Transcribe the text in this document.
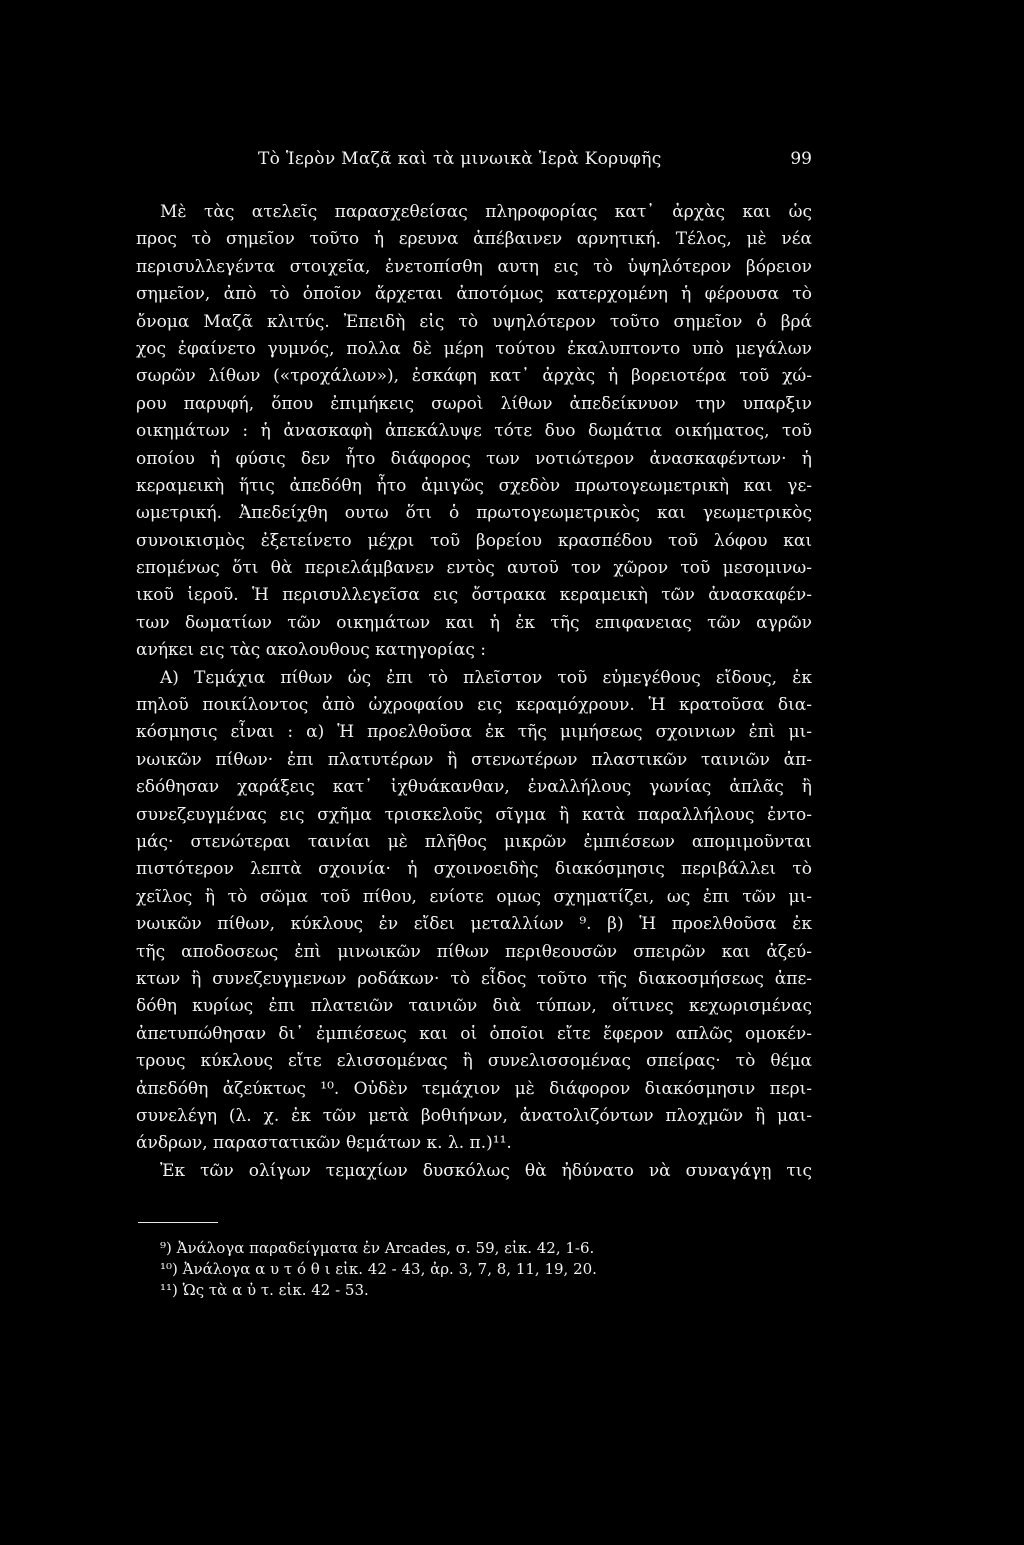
Τὸ Ἱερὸν Μαζᾶ καὶ τὰ μινωικὰ Ἱερὰ Κορυφῆς	99
Μὲ τὰς ατελεῖς παρασχεθείσας πληροφορίας κατ᾽ ἀρχὰς και ὡς
προς τὸ σημεῖον τοῦτο ἡ ερευνα ἀπέβαινεν αρνητική. Τέλος, μὲ νέα
περισυλλεγέντα στοιχεῖα, ἐνετοπίσθη αυτη εις τὸ ὑψηλότερον βόρειον
σημεῖον, ἀπὸ τὸ ὁποῖον ἄρχεται ἀποτόμως κατερχομένη ἡ φέρουσα τὸ
ὄνομα Μαζᾶ κλιτύς. Ἐπειδὴ εἰς τὸ υψηλότερον τοῦτο σημεῖον ὁ βρά
χος ἐφαίνετο γυμνός, πολλα δὲ μέρη τούτου ἐκαλυπτοντο υπὸ μεγάλων
σωρῶν λίθων («τροχάλων»), ἐσκάφη κατ᾽ ἀρχὰς ἡ βορειοτέρα τοῦ χώ-
ρου παρυφή, ὅπου ἐπιμήκεις σωροὶ λίθων ἀπεδείκνυον την υπαρξιν
οικημάτων : ἡ ἀνασκαφὴ ἀπεκάλυψε τότε δυο δωμάτια οικήματος, τοῦ
οποίου ἡ φύσις δεν ἦτο διάφορος των νοτιώτερον ἀνασκαφέντων· ἡ
κεραμεικὴ ἥτις ἀπεδόθη ἦτο ἀμιγῶς σχεδὸν πρωτογεωμετρικὴ και γε-
ωμετρική. Ἀπεδείχθη ουτω ὅτι ὁ πρωτογεωμετρικὸς και γεωμετρικὸς
συνοικισμὸς ἐξετείνετο μέχρι τοῦ βορείου κρασπέδου τοῦ λόφου και
επομένως ὅτι θὰ περιελάμβανεν εντὸς αυτοῦ τον χῶρον τοῦ μεσομινω-
ικοῦ ἱεροῦ. Ἡ περισυλλεγεῖσα εις ὄστρακα κεραμεικὴ τῶν ἀνασκαφέν-
των δωματίων τῶν οικημάτων και ἡ ἐκ τῆς επιφανειας τῶν αγρῶν
ανήκει εις τὰς ακολουθους κατηγορίας :
Α) Τεμάχια πίθων ὡς ἐπι τὸ πλεῖστον τοῦ εὐμεγέθους εἴδους, ἐκ
πηλοῦ ποικίλοντος ἀπὸ ὠχροφαίου εις κεραμόχρουν. Ἡ κρατοῦσα δια-
κόσμησις εἶναι : α) Ἡ προελθοῦσα ἐκ τῆς μιμήσεως σχοινιων ἐπὶ μι-
νωικῶν πίθων· ἐπι πλατυτέρων ἢ στενωτέρων πλαστικῶν ταινιῶν ἀπ-
εδόθησαν χαράξεις κατ᾽ ἰχθυάκανθαν, ἐναλλήλους γωνίας ἁπλᾶς ἢ
συνεζευγμένας εις σχῆμα τρισκελοῦς σῖγμα ἢ κατὰ παραλλήλους ἐντο-
μάς· στενώτεραι ταινίαι μὲ πλῆθος μικρῶν ἐμπιέσεων απομιμοῦνται
πιστότερον λεπτὰ σχοινία· ἡ σχοινοειδὴς διακόσμησις περιβάλλει τὸ
χεῖλος ἢ τὸ σῶμα τοῦ πίθου, ενίοτε ομως σχηματίζει, ως ἐπι τῶν μι-
νωικῶν πίθων, κύκλους ἐν εἴδει μεταλλίων ⁹. β) Ἡ προελθοῦσα ἐκ
τῆς αποδοσεως ἐπὶ μινωικῶν πίθων περιθεουσῶν σπειρῶν και ἀζεύ-
κτων ἢ συνεζευγμενων ροδάκων· τὸ εἶδος τοῦτο τῆς διακοσμήσεως ἀπε-
δόθη κυρίως ἐπι πλατειῶν ταινιῶν διὰ τύπων, οἵτινες κεχωρισμένας
ἀπετυπώθησαν δι᾽ ἐμπιέσεως και οἱ ὁποῖοι εἴτε ἔφερον απλῶς ομοκέν-
τρους κύκλους εἴτε ελισσομένας ἢ συνελισσομένας σπείρας· τὸ θέμα
ἀπεδόθη ἀζεύκτως ¹⁰. Οὐδὲν τεμάχιον μὲ διάφορον διακόσμησιν περι-
συνελέγη (λ. χ. ἐκ τῶν μετὰ βοθιήνων, ἀνατολιζόντων πλοχμῶν ἢ μαι-
άνδρων, παραστατικῶν θεμάτων κ. λ. π.)¹¹.
Ἐκ τῶν ολίγων τεμαχίων δυσκόλως θὰ ἠδύνατο νὰ συναγάγῃ τις
⁹) Ἀνάλογα παραδείγματα ἐν Arcades, σ. 59, εἰκ. 42, 1-6.
¹⁰) Ἀνάλογα α υ τ ό θ ι εἰκ. 42 - 43, ἀρ. 3, 7, 8, 11, 19, 20.
¹¹) Ὡς τὰ α ὐ τ. εἰκ. 42 - 53.
